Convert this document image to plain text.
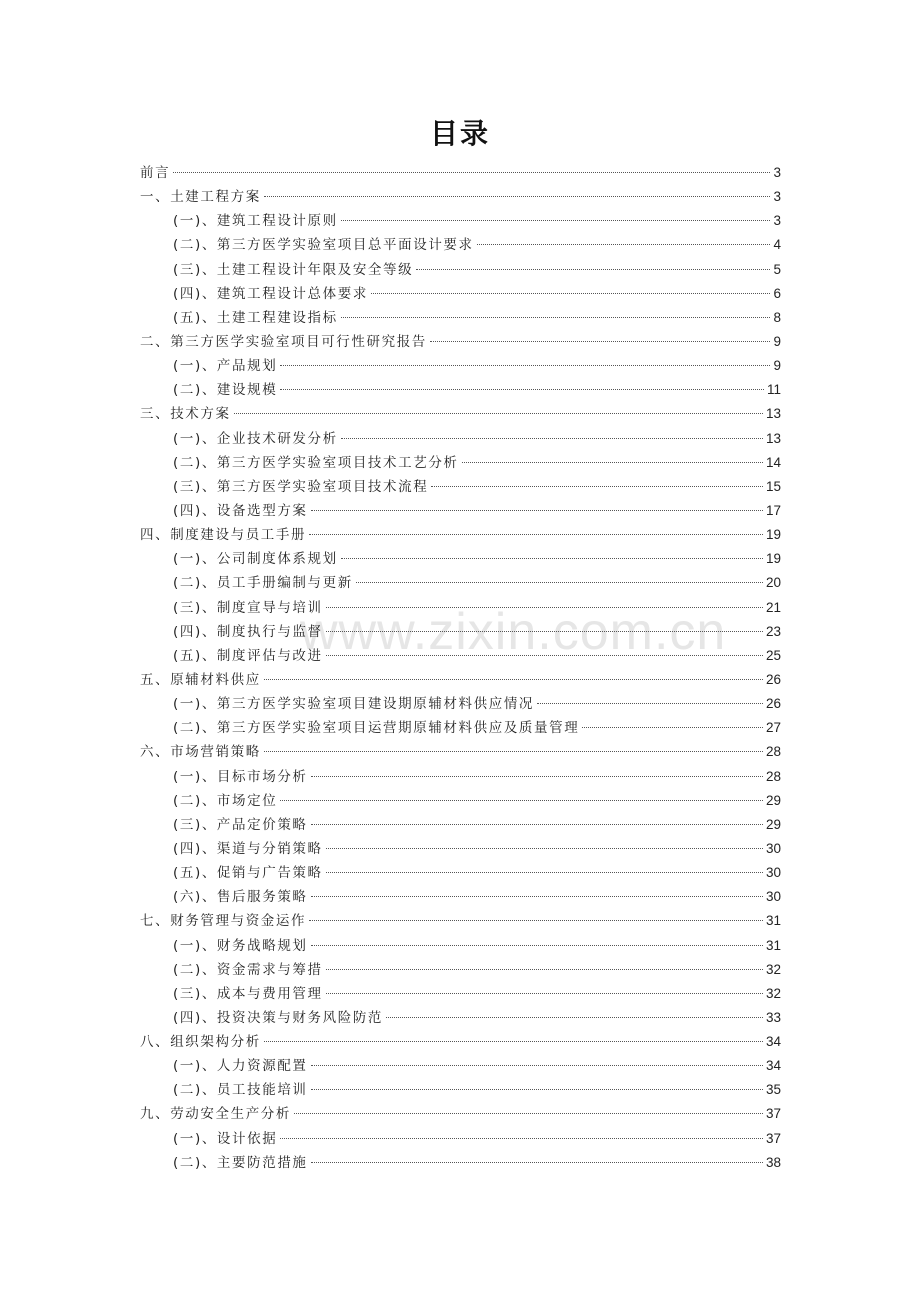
www.zixin.com.cn
目录
前言	3
一、土建工程方案	3
(一)、建筑工程设计原则	3
(二)、第三方医学实验室项目总平面设计要求	4
(三)、土建工程设计年限及安全等级	5
(四)、建筑工程设计总体要求	6
(五)、土建工程建设指标	8
二、第三方医学实验室项目可行性研究报告	9
(一)、产品规划	9
(二)、建设规模	11
三、技术方案	13
(一)、企业技术研发分析	13
(二)、第三方医学实验室项目技术工艺分析	14
(三)、第三方医学实验室项目技术流程	15
(四)、设备选型方案	17
四、制度建设与员工手册	19
(一)、公司制度体系规划	19
(二)、员工手册编制与更新	20
(三)、制度宣导与培训	21
(四)、制度执行与监督	23
(五)、制度评估与改进	25
五、原辅材料供应	26
(一)、第三方医学实验室项目建设期原辅材料供应情况	26
(二)、第三方医学实验室项目运营期原辅材料供应及质量管理	27
六、市场营销策略	28
(一)、目标市场分析	28
(二)、市场定位	29
(三)、产品定价策略	29
(四)、渠道与分销策略	30
(五)、促销与广告策略	30
(六)、售后服务策略	30
七、财务管理与资金运作	31
(一)、财务战略规划	31
(二)、资金需求与筹措	32
(三)、成本与费用管理	32
(四)、投资决策与财务风险防范	33
八、组织架构分析	34
(一)、人力资源配置	34
(二)、员工技能培训	35
九、劳动安全生产分析	37
(一)、设计依据	37
(二)、主要防范措施	38
